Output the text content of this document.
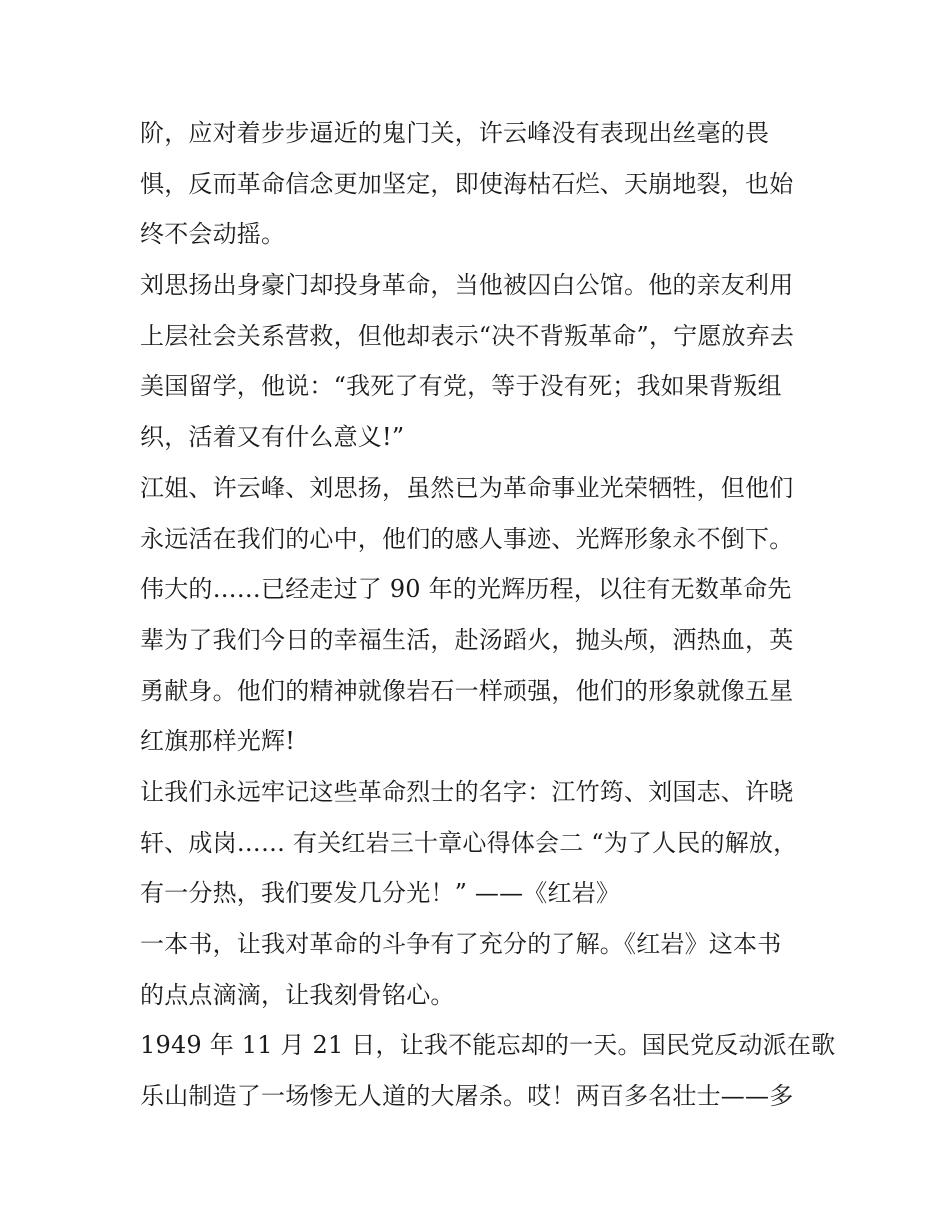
阶，应对着步步逼近的鬼门关，许云峰没有表现出丝毫的畏
惧，反而革命信念更加坚定，即使海枯石烂、天崩地裂，也始
终不会动摇。
刘思扬出身豪门却投身革命，当他被囚白公馆。他的亲友利用
上层社会关系营救，但他却表示“决不背叛革命”，宁愿放弃去
美国留学，他说：“我死了有党，等于没有死；我如果背叛组
织，活着又有什么意义!”
江姐、许云峰、刘思扬，虽然已为革命事业光荣牺牲，但他们
永远活在我们的心中，他们的感人事迹、光辉形象永不倒下。
伟大的……已经走过了 90 年的光辉历程，以往有无数革命先
辈为了我们今日的幸福生活，赴汤蹈火，抛头颅，洒热血，英
勇献身。他们的精神就像岩石一样顽强，他们的形象就像五星
红旗那样光辉!
让我们永远牢记这些革命烈士的名字：江竹筠、刘国志、许晓
轩、成岗…… 有关红岩三十章心得体会二 “为了人民的解放，
有一分热，我们要发几分光！” ——《红岩》
一本书，让我对革命的斗争有了充分的了解。《红岩》这本书
的点点滴滴，让我刻骨铭心。
1949 年 11 月 21 日，让我不能忘却的一天。国民党反动派在歌
乐山制造了一场惨无人道的大屠杀。哎！两百多名壮士——多
